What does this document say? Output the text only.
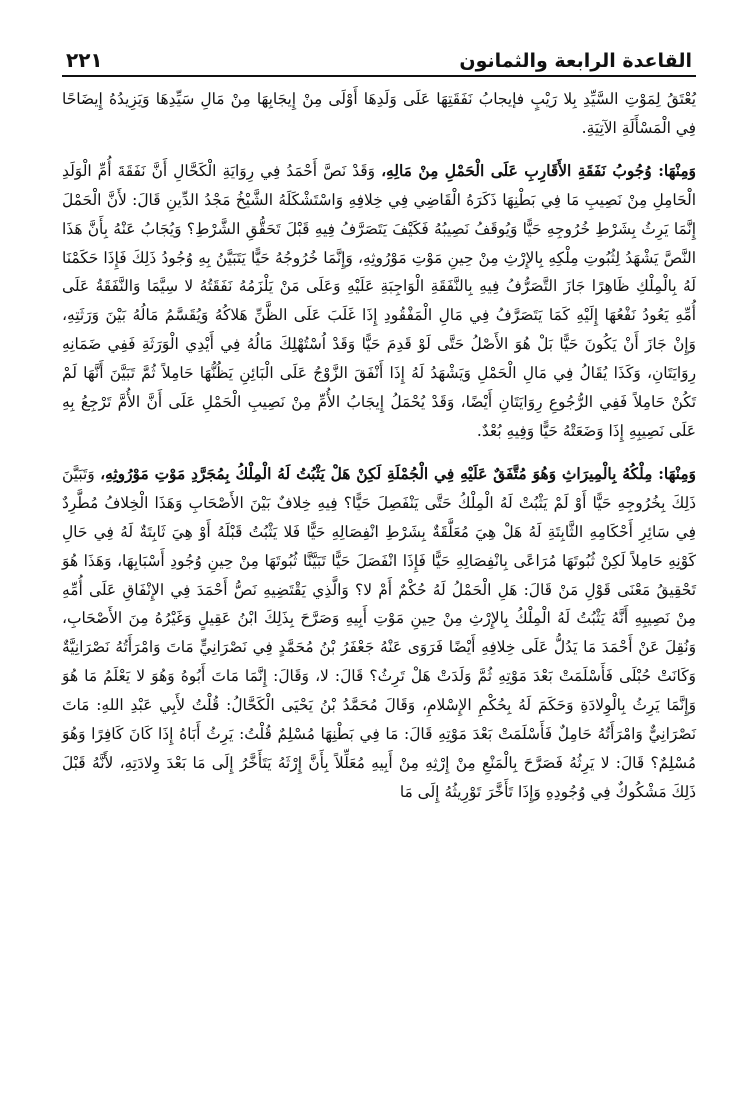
القاعدة الرابعة والثمانون
٢٢١

يُعْتَقُ لِمَوْتِ السَّيِّدِ بِلا رَيْبٍ فإيجابُ نَفَقَتِهَا عَلَى وَلَدِهَا أَوْلَى مِنْ إِيجَابِهَا مِنْ مَالِ سَيِّدِهَا وَيَزِيدُهُ إِيضَاحًا فِي الْمَسْأَلَةِ الآتِيَةِ.

وَمِنْهَا: وُجُوبُ نَفَقَةِ الأَقَارِبِ عَلَى الْحَمْلِ مِنْ مَالِهِ، وَقَدْ نَصَّ أَحْمَدُ فِي رِوَايَةِ الْكَحَّالِ أَنَّ نَفَقَةَ أُمِّ الْوَلَدِ الْحَامِلِ مِنْ نَصِيبِ مَا فِي بَطْنِهَا ذَكَرَهُ الْقَاضِي فِي خِلافِهِ وَاسْتَشْكَلَهُ الشَّيْخُ مَجْدُ الدِّينِ قَالَ: لأَنَّ الْحَمْلَ إِنَّمَا يَرِثُ بِشَرْطِ خُرُوجِهِ حَيًّا وَيُوقَفُ نَصِيبُهُ فَكَيْفَ يَتَصَرَّفُ فِيهِ قَبْلَ تَحَقُّقِ الشَّرْطِ؟ وَيُجَابُ عَنْهُ بِأَنَّ هَذَا النَّصَّ يَشْهَدُ لِثُبُوتِ مِلْكِهِ بِالإِرْثِ مِنْ حِينِ مَوْتِ مَوْرُوثِهِ، وَإِنَّمَا خُرُوجُهُ حَيًّا يَتَبَيَّنُ بِهِ وُجُودُ ذَلِكَ فَإِذَا حَكَمْنَا لَهُ بِالْمِلْكِ ظَاهِرًا جَازَ التَّصَرُّفُ فِيهِ بِالنَّفَقَةِ الْوَاجِبَةِ عَلَيْهِ وَعَلَى مَنْ يَلْزَمُهُ نَفَقَتُهُ لا سِيَّمَا وَالنَّفَقَةُ عَلَى أُمِّهِ يَعُودُ نَفْعُهَا إِلَيْهِ كَمَا يَتَصَرَّفُ فِي مَالِ الْمَفْقُودِ إِذَا غَلَبَ عَلَى الظَّنِّ هَلاكُهُ وَيُقَسَّمُ مَالُهُ بَيْنَ وَرَثَتِهِ، وَإِنْ جَازَ أَنْ يَكُونَ حَيًّا بَلْ هُوَ الأَصْلُ حَتَّى لَوْ قَدِمَ حَيًّا وَقَدْ اُسْتُهْلِكَ مَالُهُ فِي أَيْدِي الْوَرَثَةِ فَفِي ضَمَانِهِ رِوَايَتَانِ، وَكَذَا يُقَالُ فِي مَالِ الْحَمْلِ وَيَشْهَدُ لَهُ إِذَا أَنْفَقَ الزَّوْجُ عَلَى الْبَائِنِ يَظُنُّهَا حَامِلاً ثُمَّ تَبَيَّنَ أَنَّهَا لَمْ تَكُنْ حَامِلاً فَفِي الرُّجُوعِ رِوَايَتَانِ أَيْضًا، وَقَدْ يُحْمَلُ إِيجَابُ الأُمِّ مِنْ نَصِيبِ الْحَمْلِ عَلَى أَنَّ الأُمَّ تَرْجِعُ بِهِ عَلَى نَصِيبِهِ إِذَا وَضَعَتْهُ حَيًّا وَفِيهِ بُعْدٌ.

وَمِنْهَا: مِلْكُهُ بِالْمِيرَاثِ وَهُوَ مُتَّفَقٌ عَلَيْهِ فِي الْجُمْلَةِ لَكِنْ هَلْ يَثْبُتُ لَهُ الْمِلْكُ بِمُجَرَّدِ مَوْتِ مَوْرُوثِهِ، وَتَبَيَّنَ ذَلِكَ بِخُرُوجِهِ حَيًّا أَوْ لَمْ يَثْبُتْ لَهُ الْمِلْكُ حَتَّى يَنْفَصِلَ حَيًّا؟ فِيهِ خِلافٌ بَيْنَ الأَصْحَابِ وَهَذَا الْخِلافُ مُطَّرِدٌ فِي سَائِرِ أَحْكَامِهِ الثَّابِتَةِ لَهُ هَلْ هِيَ مُعَلَّقَةٌ بِشَرْطِ انْفِصَالِهِ حَيًّا فَلا يَثْبُتُ قَبْلَهُ أَوْ هِيَ ثَابِتَةٌ لَهُ فِي حَالِ كَوْنِهِ حَامِلاً لَكِنْ ثُبُوتَهَا مُرَاعًى بِانْفِصَالِهِ حَيًّا فَإِذَا انْفَصَلَ حَيًّا تَبَيَّنَّا ثُبُوتَهَا مِنْ حِينِ وُجُودِ أَسْبَابِهَا، وَهَذَا هُوَ تَحْقِيقُ مَعْنَى قَوْلِ مَنْ قَالَ: هَلِ الْحَمْلُ لَهُ حُكْمٌ أَمْ لا؟ وَالَّذِي يَقْتَضِيهِ نَصُّ أَحْمَدَ فِي الإِنْفَاقِ عَلَى أُمِّهِ مِنْ نَصِيبِهِ أَنَّهُ يَثْبُتُ لَهُ الْمِلْكُ بِالإِرْثِ مِنْ حِينِ مَوْتِ أَبِيهِ وَصَرَّحَ بِذَلِكَ ابْنُ عَقِيلٍ وَغَيْرُهُ مِنَ الأَصْحَابِ، وَنُقِلَ عَنْ أَحْمَدَ مَا يَدُلُّ عَلَى خِلافِهِ أَيْضًا فَرَوَى عَنْهُ جَعْفَرُ بْنُ مُحَمَّدٍ فِي نَصْرَانِيٍّ مَاتَ وَامْرَأَتُهُ نَصْرَانِيَّةٌ وَكَانَتْ حُبْلَى فَأَسْلَمَتْ بَعْدَ مَوْتِهِ ثُمَّ وَلَدَتْ هَلْ تَرِثُ؟ قَالَ: لا، وَقَالَ: إِنَّمَا مَاتَ أَبُوهُ وَهُوَ لا يَعْلَمُ مَا هُوَ وَإِنَّمَا يَرِثُ بِالْوِلادَةِ وَحَكَمَ لَهُ بِحُكْمِ الإِسْلامِ، وَقَالَ مُحَمَّدُ بْنُ يَحْيَى الْكَحَّالُ: قُلْتُ لأَبِي عَبْدِ اللهِ: مَاتَ نَصْرَانِيٌّ وَامْرَأَتُهُ حَامِلٌ فَأَسْلَمَتْ بَعْدَ مَوْتِهِ قَالَ: مَا فِي بَطْنِهَا مُسْلِمٌ قُلْتُ: يَرِثُ أَبَاهُ إِذَا كَانَ كَافِرًا وَهُوَ مُسْلِمٌ؟ قَالَ: لا يَرِثُهُ فَصَرَّحَ بِالْمَنْعِ مِنْ إِرْثِهِ مِنْ أَبِيهِ مُعَلِّلاً بِأَنَّ إِرْثَهُ يَتَأَخَّرُ إِلَى مَا بَعْدَ وِلادَتِهِ، لأَنَّهُ قَبْلَ ذَلِكَ مَشْكُوكٌ فِي وُجُودِهِ وَإِذَا تَأَخَّرَ تَوْرِيثُهُ إِلَى مَا
